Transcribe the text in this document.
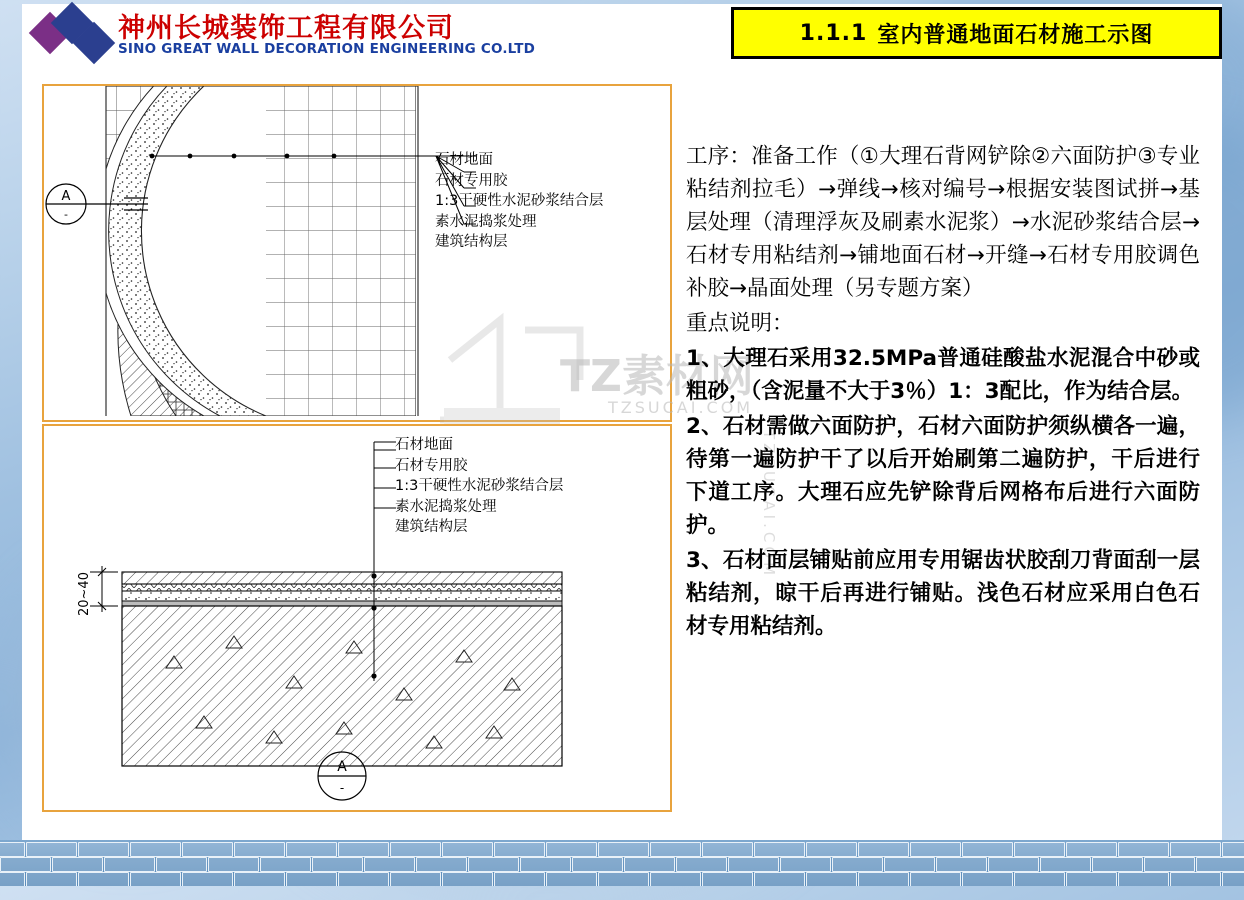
神州长城装饰工程有限公司
SINO GREAT WALL DECORATION ENGINEERING CO.LTD
1.1.1 室内普通地面石材施工示图
A
-
石材地面
石材专用胶
1:3干硬性水泥砂浆结合层
素水泥捣浆处理
建筑结构层
20~40
A
-
石材地面
石材专用胶
1:3干硬性水泥砂浆结合层
素水泥捣浆处理
建筑结构层
TZ素材网
TZSUCAI.COM
TZSUCAI.COM

工序：准备工作（①大理石背网铲除②六面防护③专业粘结剂拉毛）→弹线→核对编号→根据安装图试拼→基层处理（清理浮灰及刷素水泥浆）→水泥砂浆结合层→石材专用粘结剂→铺地面石材→开缝→石材专用胶调色补胶→晶面处理（另专题方案）

重点说明：

1、大理石采用32.5MPa普通硅酸盐水泥混合中砂或粗砂，（含泥量不大于3％）1：3配比，作为结合层。

2、石材需做六面防护，石材六面防护须纵横各一遍，待第一遍防护干了以后开始刷第二遍防护，干后进行下道工序。大理石应先铲除背后网格布后进行六面防护。

3、石材面层铺贴前应用专用锯齿状胶刮刀背面刮一层粘结剂，晾干后再进行铺贴。浅色石材应采用白色石材专用粘结剂。
